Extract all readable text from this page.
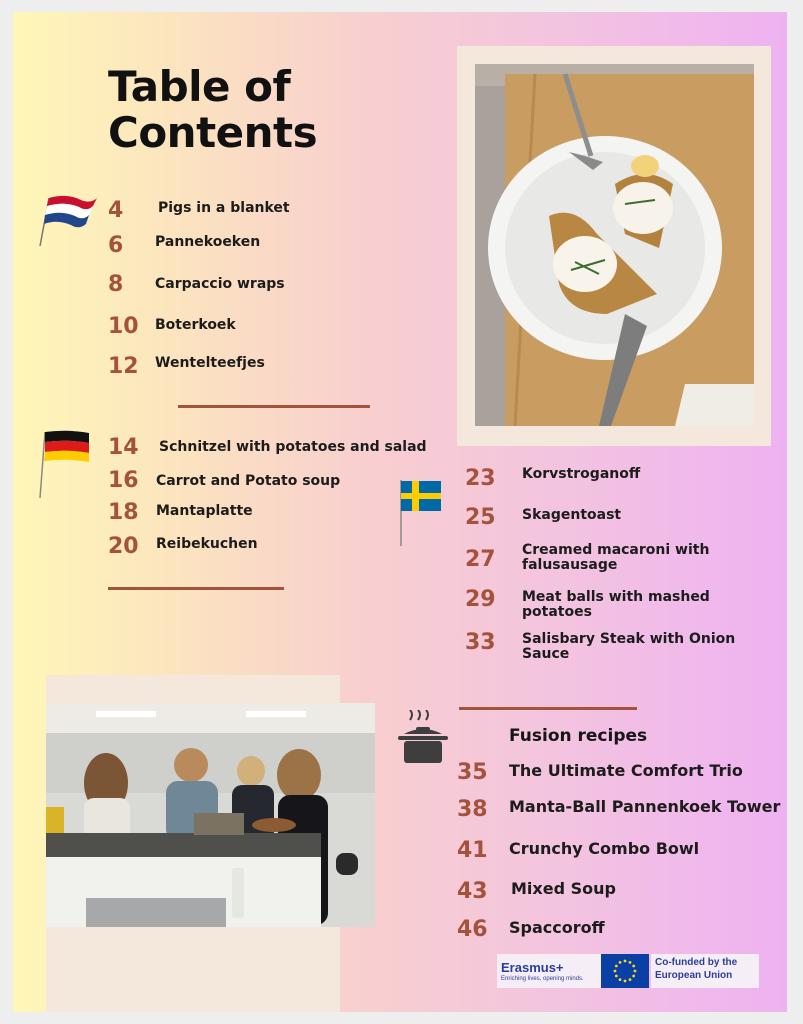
Table of
Contents
4	Pigs in a blanket
6	Pannekoeken
8	Carpaccio wraps
10	Boterkoek
12	Wentelteefjes
14	Schnitzel with potatoes and salad
16	Carrot and Potato soup
18	Mantaplatte
20	Reibekuchen
23	Korvstroganoff
25	Skagentoast
27	Creamed macaroni with falusausage
29	Meat balls with mashed potatoes
33	Salisbary Steak with Onion Sauce
Fusion recipes
35	The Ultimate Comfort Trio
38	Manta-Ball Pannenkoek Tower
41	Crunchy Combo Bowl
43	Mixed Soup
46	Spaccoroff
Erasmus+
Enriching lives, opening minds.
Co-funded by the European Union
